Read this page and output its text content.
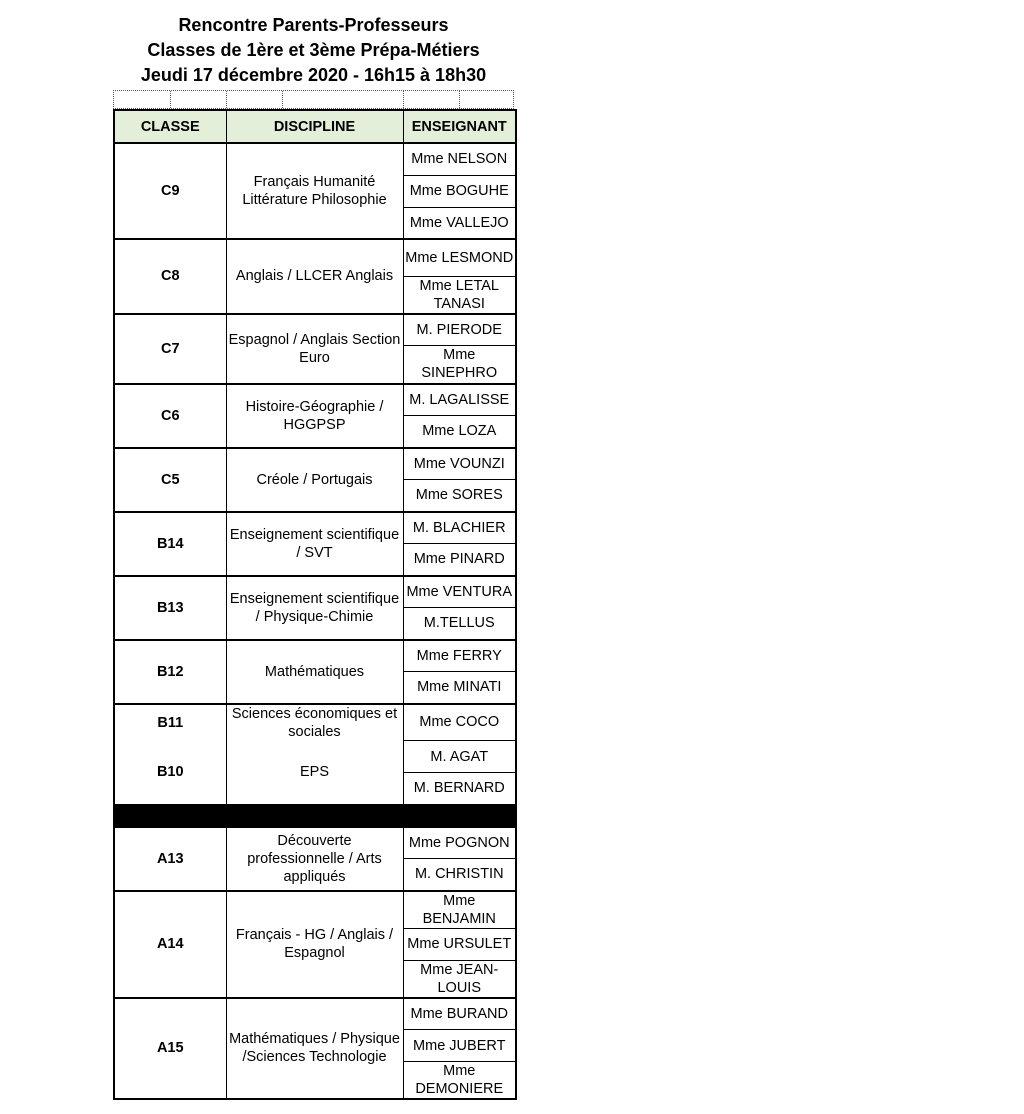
Rencontre Parents-Professeurs
Classes de 1ère et 3ème Prépa-Métiers
Jeudi 17 décembre 2020 - 16h15 à 18h30
CLASSE	DISCIPLINE	ENSEIGNANT
C9	Français Humanité Littérature Philosophie	Mme NELSON
		Mme BOGUHE
		Mme VALLEJO
C8	Anglais / LLCER Anglais	Mme LESMOND
		Mme LETAL TANASI
C7	Espagnol / Anglais Section Euro	M. PIERODE
		Mme SINEPHRO
C6	Histoire-Géographie / HGGPSP	M. LAGALISSE
		Mme LOZA
C5	Créole / Portugais	Mme VOUNZI
		Mme SORES
B14	Enseignement scientifique / SVT	M. BLACHIER
		Mme PINARD
B13	Enseignement scientifique / Physique-Chimie	Mme VENTURA
		M.TELLUS
B12	Mathématiques	Mme FERRY
		Mme MINATI
B11	Sciences économiques et sociales	Mme COCO
B10	EPS	M. AGAT
		M. BERNARD

A13	Découverte professionnelle / Arts appliqués	Mme POGNON
		M. CHRISTIN
A14	Français - HG / Anglais / Espagnol	Mme BENJAMIN
		Mme URSULET
		Mme JEAN-LOUIS
A15	Mathématiques / Physique /Sciences Technologie	Mme BURAND
		Mme JUBERT
		Mme DEMONIERE
